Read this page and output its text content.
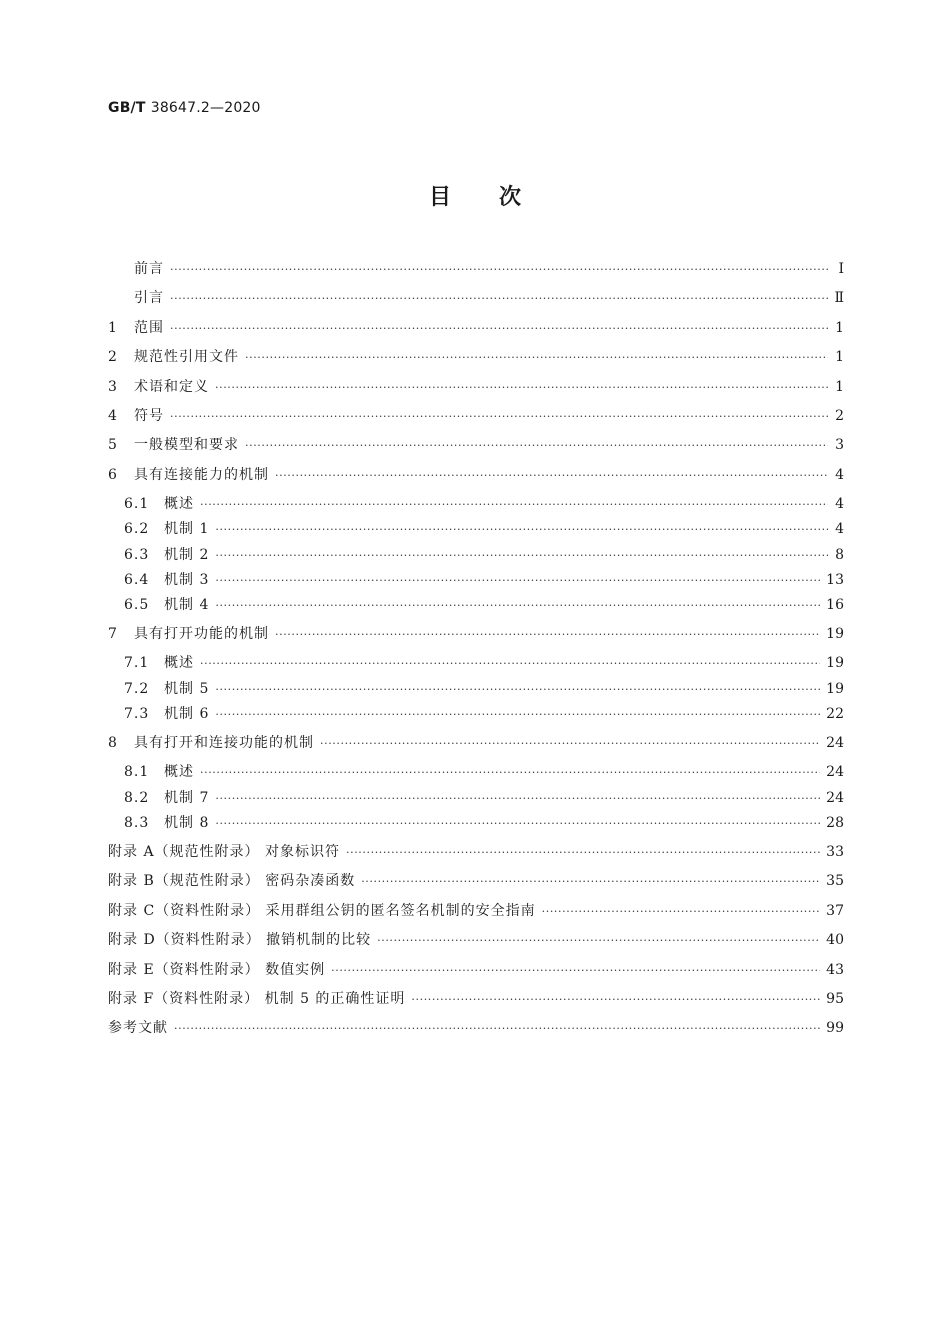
GB/T 38647.2—2020
目次
前言 ·····	Ⅰ
引言 ·····	Ⅱ
1 范围 ·····	1
2 规范性引用文件 ·····	1
3 术语和定义 ·····	1
4 符号 ·····	2
5 一般模型和要求 ·····	3
6 具有连接能力的机制 ·····	4
6.1 概述 ·····	4
6.2 机制 1 ·····	4
6.3 机制 2 ·····	8
6.4 机制 3 ·····	13
6.5 机制 4 ·····	16
7 具有打开功能的机制 ·····	19
7.1 概述 ·····	19
7.2 机制 5 ·····	19
7.3 机制 6 ·····	22
8 具有打开和连接功能的机制 ·····	24
8.1 概述 ·····	24
8.2 机制 7 ·····	24
8.3 机制 8 ·····	28
附录 A（规范性附录） 对象标识符 ·····	33
附录 B（规范性附录） 密码杂凑函数 ·····	35
附录 C（资料性附录） 采用群组公钥的匿名签名机制的安全指南 ·····	37
附录 D（资料性附录） 撤销机制的比较 ·····	40
附录 E（资料性附录） 数值实例 ·····	43
附录 F（资料性附录） 机制 5 的正确性证明 ·····	95
参考文献 ·····	99
